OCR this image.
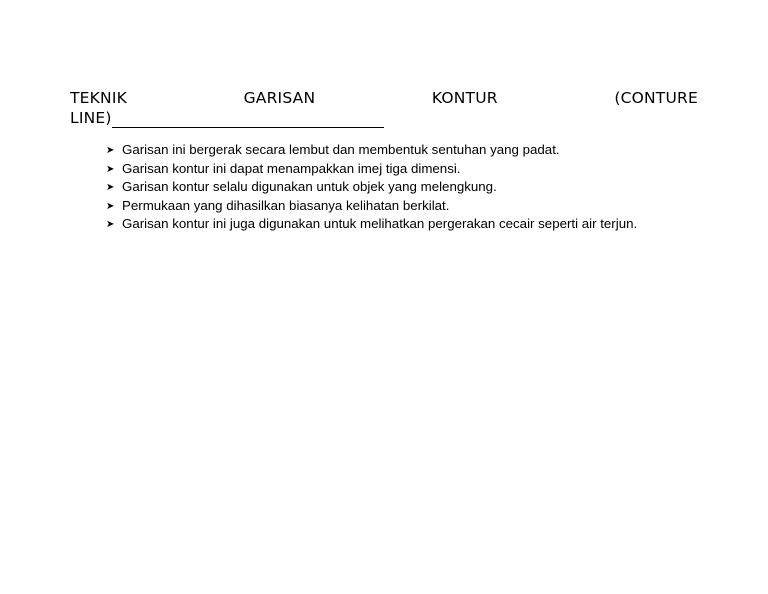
TEKNIK	GARISAN	KONTUR	(CONTURE
LINE)
➤ Garisan ini bergerak secara lembut dan membentuk sentuhan yang padat.
➤ Garisan kontur ini dapat menampakkan imej tiga dimensi.
➤ Garisan kontur selalu digunakan untuk objek yang melengkung.
➤ Permukaan yang dihasilkan biasanya kelihatan berkilat.
➤ Garisan kontur ini juga digunakan untuk melihatkan pergerakan cecair seperti air terjun.
